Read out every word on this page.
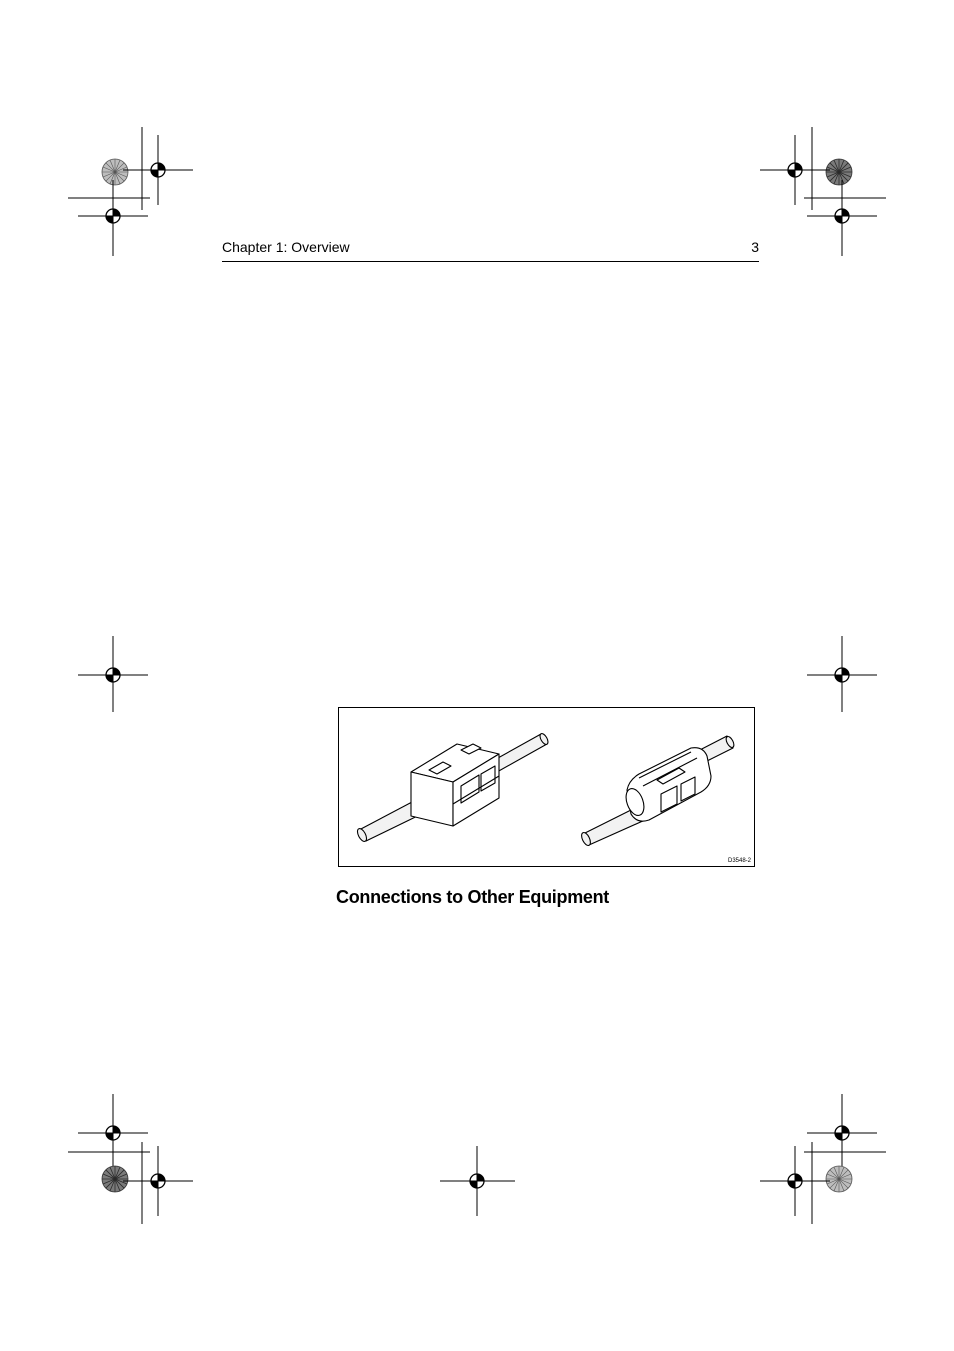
Chapter 1: Overview	3
D3548-2
Connections to Other Equipment
